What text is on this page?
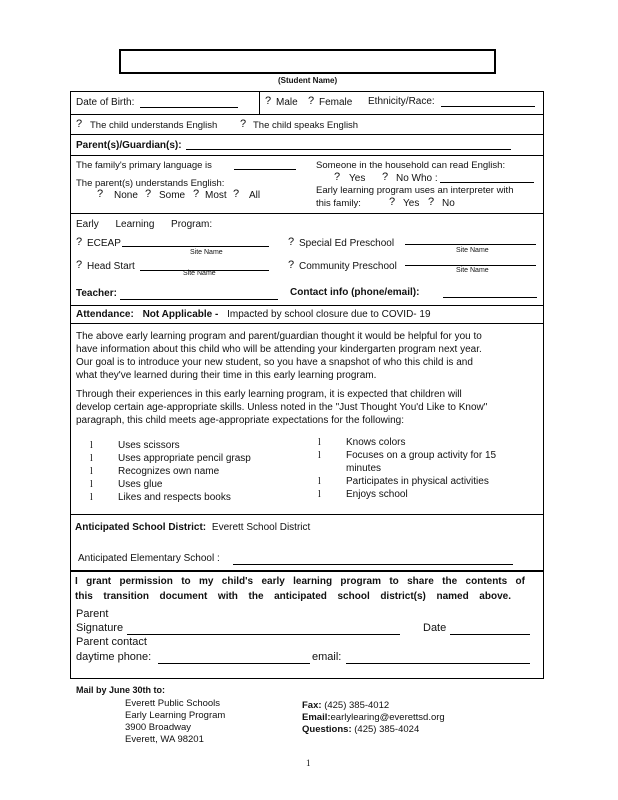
(Student Name)
Date of Birth:	? Male ? Female Ethnicity/Race:
? The child understands English ? The child speaks English
Parent(s)/Guardian(s):
The family's primary language is
The parent(s) understands English:
? None ? Some ? Most ? All
Someone in the household can read English:
? Yes ? No Who :
Early learning program uses an interpreter with
this family:	? Yes ? No
Early      Learning      Program:
? ECEAP
Site Name
? Head Start
Site Name
? Special Ed Preschool
Site Name
? Community Preschool	Site Name
Teacher:	Contact info (phone/email):
Attendance: Not Applicable - Impacted by school closure due to COVID- 19
The above early learning program and parent/guardian thought it would be helpful for you to
have information about this child who will be attending your kindergarten program next year.
Our goal is to introduce your new student, so you have a snapshot of who this child is and
what they've learned during their time in this early learning program.
Through their experiences in this early learning program, it is expected that children will
develop certain age-appropriate skills. Unless noted in the "Just Thought You'd Like to Know"
paragraph, this child meets age-appropriate expectations for the following:
l	Uses scissors
l	Uses appropriate pencil grasp
l	Recognizes own name
l	Uses glue
l	Likes and respects books
l	Knows colors
l	Focuses on a group activity for 15
minutes
l	Participates in physical activities
l	Enjoys school
Anticipated School District: Everett School District
Anticipated Elementary School :
I grant permission to my child's early learning program to share the contents of
this transition document with the anticipated school district(s) named above.
Parent
Signature	Date
Parent contact
daytime phone:	email:
Mail by June 30th to:
Everett Public Schools
Early Learning Program
3900 Broadway
Everett, WA 98201
Fax: (425) 385-4012
Email:earlylearing@everettsd.org
Questions: (425) 385-4024
1
